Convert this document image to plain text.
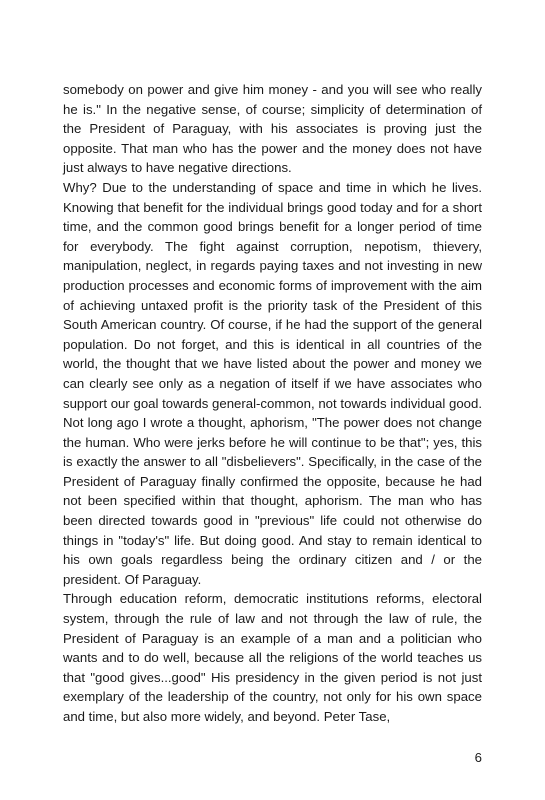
somebody on power and give him money - and you will see who really he is." In the negative sense, of course; simplicity of determination of the President of Paraguay, with his associates is proving just the opposite. That man who has the power and the money does not have just always to have negative directions.

Why? Due to the understanding of space and time in which he lives. Knowing that benefit for the individual brings good today and for a short time, and the common good brings benefit for a longer period of time for everybody. The fight against corruption, nepotism, thievery, manipulation, neglect, in regards paying taxes and not investing in new production processes and economic forms of improvement with the aim of achieving untaxed profit is the priority task of the President of this South American country. Of course, if he had the support of the general population. Do not forget, and this is identical in all countries of the world, the thought that we have listed about the power and money we can clearly see only as a negation of itself if we have associates who support our goal towards general-common, not towards individual good. Not long ago I wrote a thought, aphorism, "The power does not change the human. Who were jerks before he will continue to be that"; yes, this is exactly the answer to all "disbelievers". Specifically, in the case of the President of Paraguay finally confirmed the opposite, because he had not been specified within that thought, aphorism. The man who has been directed towards good in "previous" life could not otherwise do things in "today's" life. But doing good. And stay to remain identical to his own goals regardless being the ordinary citizen and / or the president. Of Paraguay.

Through education reform, democratic institutions reforms, electoral system, through the rule of law and not through the law of rule, the President of Paraguay is an example of a man and a politician who wants and to do well, because all the religions of the world teaches us that "good gives...good" His presidency in the given period is not just exemplary of the leadership of the country, not only for his own space and time, but also more widely, and beyond. Peter Tase,

6
